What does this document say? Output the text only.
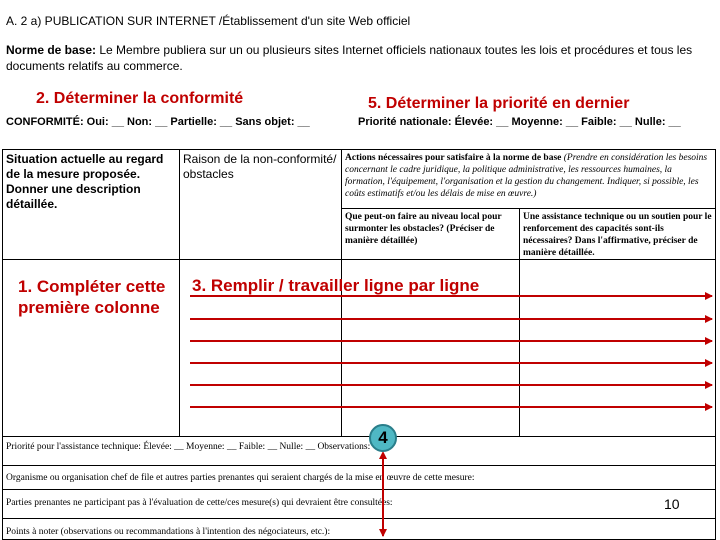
A. 2 a) PUBLICATION SUR INTERNET /Établissement d'un site Web officiel
Norme de base: Le Membre publiera sur un ou plusieurs sites Internet officiels nationaux toutes les lois et procédures et tous les documents relatifs au commerce.
2. Déterminer la conformité	5. Déterminer la priorité en dernier
CONFORMITÉ: Oui: __ Non: __ Partielle: __ Sans objet: __	Priorité nationale: Élevée: __ Moyenne: __ Faible: __ Nulle: __
Situation actuelle au regard de la mesure proposée. Donner une description détaillée.
Raison de la non-conformité/ obstacles
Actions nécessaires pour satisfaire à la norme de base (Prendre en considération les besoins concernant le cadre juridique, la politique administrative, les ressources humaines, la formation, l'équipement, l'organisation et la gestion du changement. Indiquer, si possible, les coûts estimatifs et/ou les délais de mise en œuvre.)
Que peut-on faire au niveau local pour surmonter les obstacles? (Préciser de manière détaillée)
Une assistance technique ou un soutien pour le renforcement des capacités sont-ils nécessaires? Dans l'affirmative, préciser de manière détaillée.
1. Compléter cette première colonne
3. Remplir / travailler ligne par ligne
Priorité pour l'assistance technique: Élevée: __ Moyenne: __ Faible: __ Nulle: __ Observations:
Organisme ou organisation chef de file et autres parties prenantes qui seraient chargés de la mise en œuvre de cette mesure:
Parties prenantes ne participant pas à l'évaluation de cette/ces mesure(s) qui devraient être consultées:
Points à noter (observations ou recommandations à l'intention des négociateurs, etc.):
10
4
